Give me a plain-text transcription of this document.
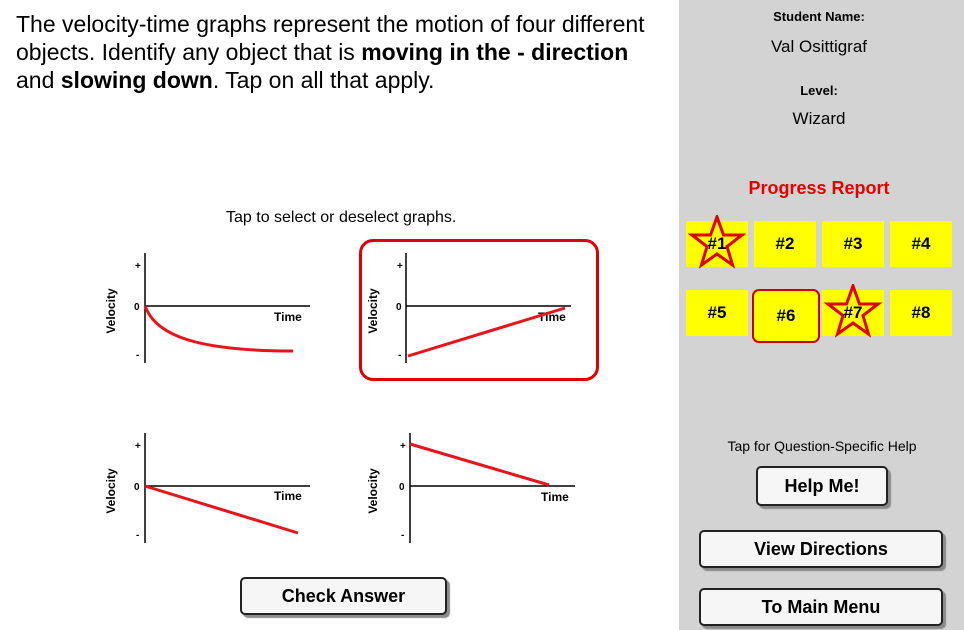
The velocity-time graphs represent the motion of four different objects. Identify any object that is moving in the - direction and slowing down. Tap on all that apply.
Tap to select or deselect graphs.
+
0
-
Velocity	Time
+
0
-
Velocity	Time
+
0
-
Velocity	Time
+
0
-
Velocity	Time
Check Answer
Student Name:
Val Osittigraf
Level:
Wizard
Progress Report
#1	#2	#3	#4
#5	#6	#7	#8
Tap for Question-Specific Help
Help Me!
View Directions
To Main Menu
